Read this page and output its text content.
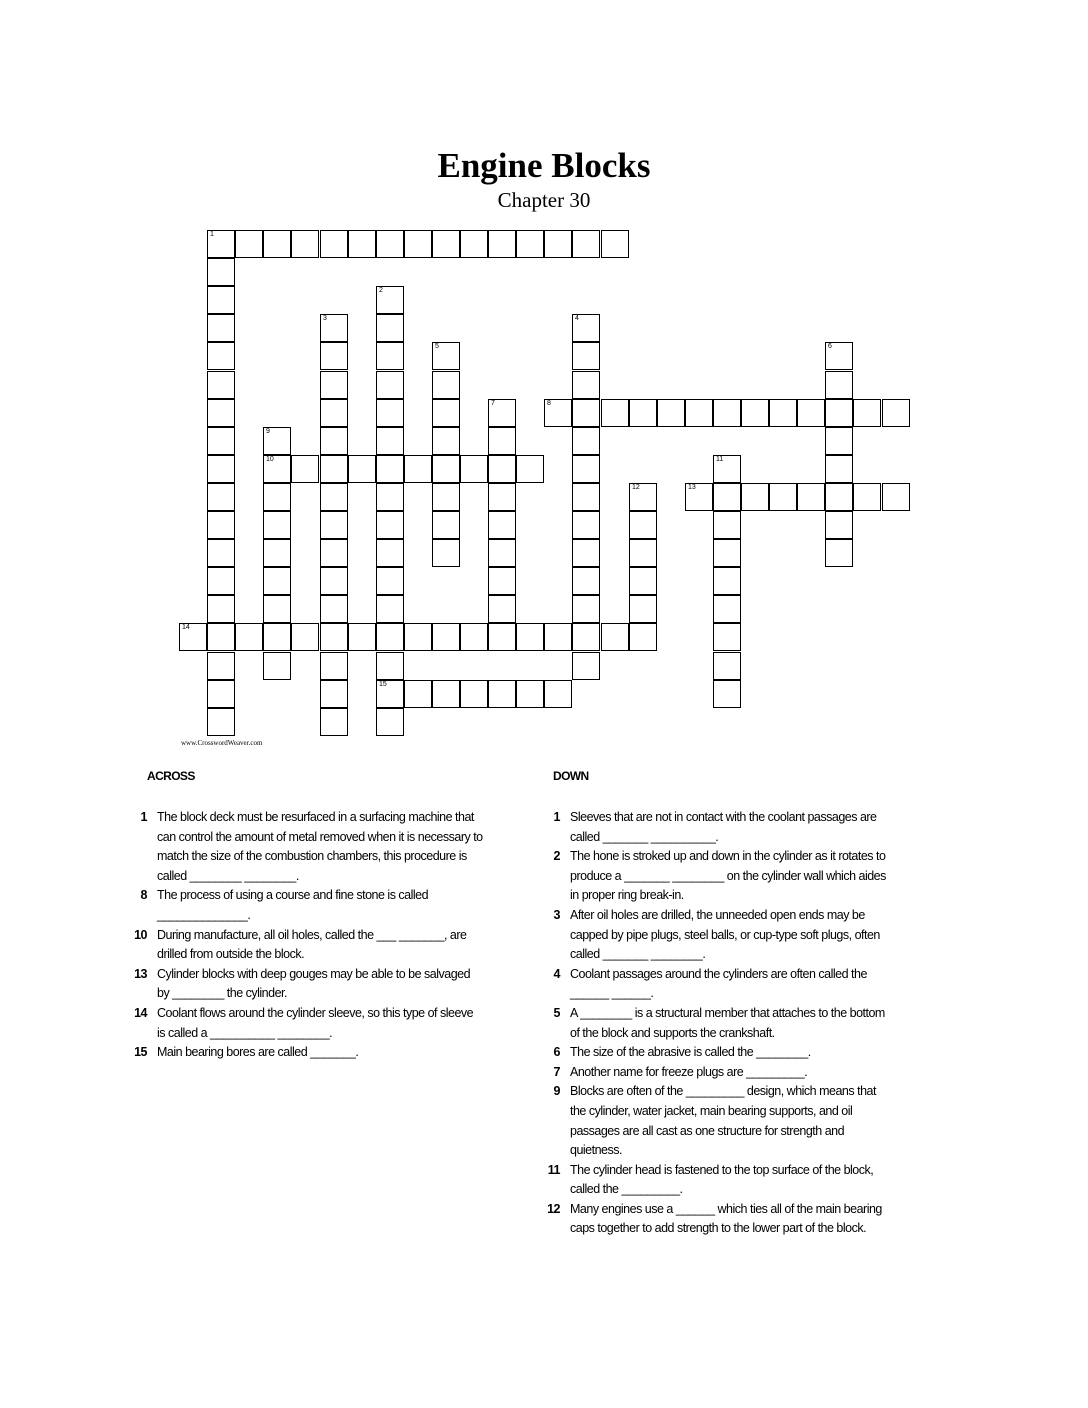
Engine Blocks
Chapter 30
1
2
15
3	4
5	6
7	8
9
10	11
12	13
14
www.CrosswordWeaver.com
ACROSS	DOWN
1 The block deck must be resurfaced in a surfacing machine that can control the amount of metal removed when it is necessary to match the size of the combustion chambers, this procedure is called ________ ________.
8 The process of using a course and fine stone is called ______________.
10 During manufacture, all oil holes, called the ___ _______, are drilled from outside the block.
13 Cylinder blocks with deep gouges may be able to be salvaged by ________ the cylinder.
14 Coolant flows around the cylinder sleeve, so this type of sleeve is called a __________ ________.
15 Main bearing bores are called _______.
1 Sleeves that are not in contact with the coolant passages are called _______ __________.
2 The hone is stroked up and down in the cylinder as it rotates to produce a _______ ________ on the cylinder wall which aides in proper ring break-in.
3 After oil holes are drilled, the unneeded open ends may be capped by pipe plugs, steel balls, or cup-type soft plugs, often called _______ ________.
4 Coolant passages around the cylinders are often called the ______ ______.
5 A ________ is a structural member that attaches to the bottom of the block and supports the crankshaft.
6 The size of the abrasive is called the ________.
7 Another name for freeze plugs are _________.
9 Blocks are often of the _________ design, which means that the cylinder, water jacket, main bearing supports, and oil passages are all cast as one structure for strength and quietness.
11 The cylinder head is fastened to the top surface of the block, called the _________.
12 Many engines use a ______ which ties all of the main bearing caps together to add strength to the lower part of the block.
